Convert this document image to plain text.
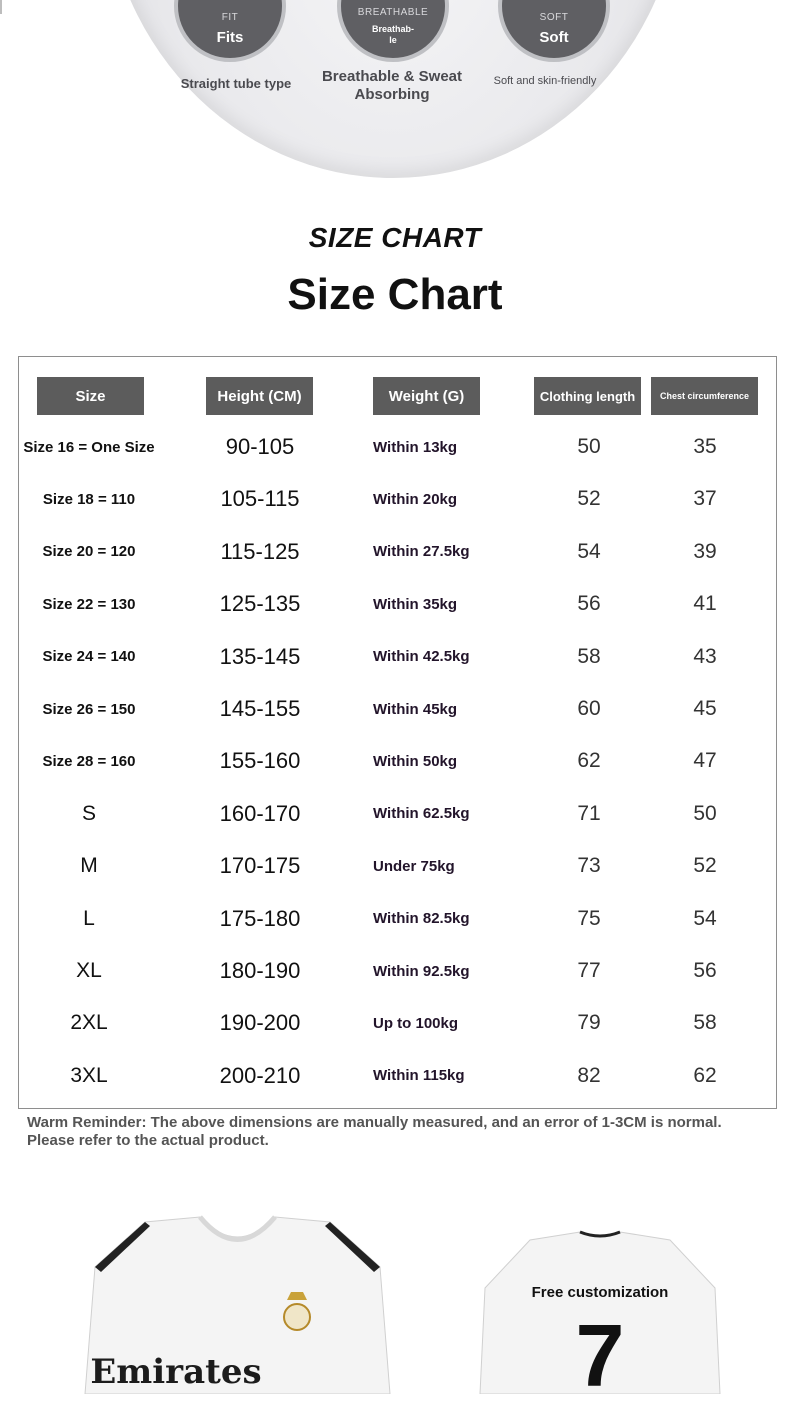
FIT
Fits
BREATHABLE
Breathab-
le
SOFT
Soft
Straight tube type	Breathable & Sweat Absorbing
Soft and skin-friendly
SIZE CHART
Size Chart
Size	Height (CM)	Weight (G)	Clothing length	Chest circumference
Size 16 = One Size	90-105	Within 13kg	50	35
Size 18 = 110	105-115	Within 20kg	52	37
Size 20 = 120	115-125	Within 27.5kg	54	39
Size 22 = 130	125-135	Within 35kg	56	41
Size 24 = 140	135-145	Within 42.5kg	58	43
Size 26 = 150	145-155	Within 45kg	60	45
Size 28 = 160	155-160	Within 50kg	62	47
S	160-170	Within 62.5kg	71	50
M	170-175	Under 75kg	73	52
L	175-180	Within 82.5kg	75	54
XL	180-190	Within 92.5kg	77	56
2XL	190-200	Up to 100kg	79	58
3XL	200-210	Within 115kg	82	62
Warm Reminder: The above dimensions are manually measured, and an error of 1-3CM is normal. Please refer to the actual product.
Emirates
Free customization
7
